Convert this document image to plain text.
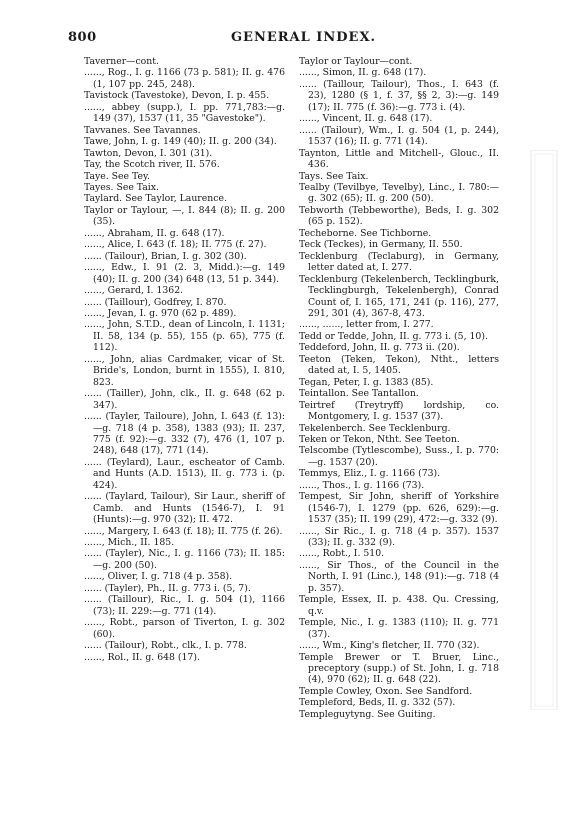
800	GENERAL INDEX.
Taverner—cont.
......, Rog., I. g. 1166 (73 p. 581); II. g. 476 (1, 107 pp. 245, 248).
Tavistock (Tavestoke), Devon, I. p. 455.
......, abbey (supp.), I. pp. 771,783:—g. 149 (37), 1537 (11, 35 "Gavestoke").
Tavvanes. See Tavannes.
Tawe, John, I. g. 149 (40); II. g. 200 (34).
Tawton, Devon, I. 301 (31).
Tay, the Scotch river, II. 576.
Taye. See Tey.
Tayes. See Taix.
Taylard. See Taylor, Laurence.
Taylor or Taylour, —, I. 844 (8); II. g. 200 (35).
......, Abraham, II. g. 648 (17).
......, Alice, I. 643 (f. 18); II. 775 (f. 27).
...... (Tailour), Brian, I. g. 302 (30).
......, Edw., I. 91 (2. 3, Midd.):—g. 149 (40); II. g. 200 (34) 648 (13, 51 p. 344).
......, Gerard, I. 1362.
...... (Taillour), Godfrey, I. 870.
......, Jevan, I. g. 970 (62 p. 489).
......, John, S.T.D., dean of Lincoln, I. 1131; II. 58, 134 (p. 55), 155 (p. 65), 775 (f. 112).
......, John, alias Cardmaker, vicar of St. Bride's, London, burnt in 1555), I. 810, 823.
...... (Tailler), John, clk., II. g. 648 (62 p. 347).
...... (Tayler, Tailoure), John, I. 643 (f. 13):—g. 718 (4 p. 358), 1383 (93); II. 237, 775 (f. 92):—g. 332 (7), 476 (1, 107 p. 248), 648 (17), 771 (14).
...... (Teylard), Laur., escheator of Camb. and Hunts (A.D. 1513), II. g. 773 i. (p. 424).
...... (Taylard, Tailour), Sir Laur., sheriff of Camb. and Hunts (1546-7), I. 91 (Hunts):—g. 970 (32); II. 472.
......, Margery, I. 643 (f. 18); II. 775 (f. 26).
......, Mich., II. 185.
...... (Tayler), Nic., I. g. 1166 (73); II. 185:—g. 200 (50).
......, Oliver, I. g. 718 (4 p. 358).
...... (Tayler), Ph., II. g. 773 i. (5, 7).
...... (Taillour), Ric., I. g. 504 (1), 1166 (73); II. 229:—g. 771 (14).
......, Robt., parson of Tiverton, I. g. 302 (60).
...... (Tailour), Robt., clk., I. p. 778.
......, Rol., II. g. 648 (17).
Taylor or Taylour—cont.
......, Simon, II. g. 648 (17).
...... (Taillour, Tailour), Thos., I. 643 (f. 23), 1280 (§ 1, f. 37, §§ 2, 3):—g. 149 (17); II. 775 (f. 36):—g. 773 i. (4).
......, Vincent, II. g. 648 (17).
...... (Tailour), Wm., I. g. 504 (1, p. 244), 1537 (16); II. g. 771 (14).
Taynton, Little and Mitchell-, Glouc., II. 436.
Tays. See Taix.
Tealby (Tevilbye, Tevelby), Linc., I. 780:—g. 302 (65); II. g. 200 (50).
Tebworth (Tebbeworthe), Beds, I. g. 302 (65 p. 152).
Techeborne. See Tichborne.
Teck (Teckes), in Germany, II. 550.
Tecklenburg (Teclaburg), in Germany, letter dated at, I. 277.
Tecklenburg (Tekelenberch, Tecklingburk, Tecklingburgh, Tekelenbergh), Conrad Count of, I. 165, 171, 241 (p. 116), 277, 291, 301 (4), 367-8, 473.
......, ......, letter from, I. 277.
Tedd or Tedde, John, II. g. 773 i. (5, 10).
Teddeford, John, II. g. 773 ii. (20).
Teeton (Teken, Tekon), Ntht., letters dated at, I. 5, 1405.
Tegan, Peter, I. g. 1383 (85).
Teintallon. See Tantallon.
Teirtref (Treytryff) lordship, co. Montgomery, I. g. 1537 (37).
Tekelenberch. See Tecklenburg.
Teken or Tekon, Ntht. See Teeton.
Telscombe (Tytlescombe), Suss., I. p. 770:—g. 1537 (20).
Temmys, Eliz., I. g. 1166 (73).
......, Thos., I. g. 1166 (73).
Tempest, Sir John, sheriff of Yorkshire (1546-7), I. 1279 (pp. 626, 629):—g. 1537 (35); II. 199 (29), 472:—g. 332 (9).
......, Sir Ric., I. g. 718 (4 p. 357). 1537 (33); II. g. 332 (9).
......, Robt., I. 510.
......, Sir Thos., of the Council in the North, I. 91 (Linc.), 148 (91):—g. 718 (4 p. 357).
Temple, Essex, II. p. 438. Qu. Cressing, q.v.
Temple, Nic., I. g. 1383 (110); II. g. 771 (37).
......, Wm., King's fletcher, II. 770 (32).
Temple Brewer or T. Bruer, Linc., preceptory (supp.) of St. John, I. g. 718 (4), 970 (62); II. g. 648 (22).
Temple Cowley, Oxon. See Sandford.
Templeford, Beds, II. g. 332 (57).
Templeguytyng. See Guiting.
